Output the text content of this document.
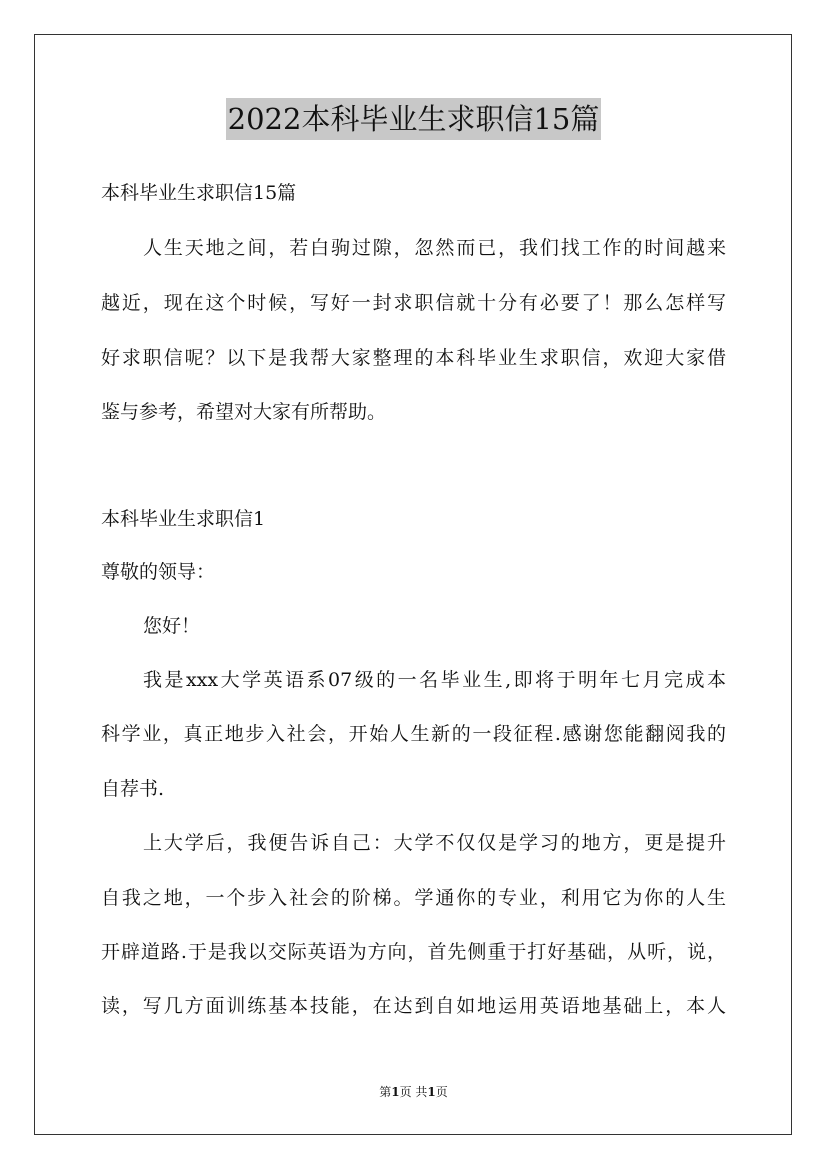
2022本科毕业生求职信15篇
本科毕业生求职信15篇
人生天地之间，若白驹过隙，忽然而已，我们找工作的时间越来
越近，现在这个时候，写好一封求职信就十分有必要了！那么怎样写
好求职信呢？以下是我帮大家整理的本科毕业生求职信，欢迎大家借
鉴与参考，希望对大家有所帮助。
本科毕业生求职信1
尊敬的领导：
您好！
我是xxx大学英语系07级的一名毕业生,即将于明年七月完成本
科学业，真正地步入社会，开始人生新的一段征程.感谢您能翻阅我的
自荐书.
上大学后，我便告诉自己：大学不仅仅是学习的地方，更是提升
自我之地，一个步入社会的阶梯。学通你的专业，利用它为你的人生
开辟道路.于是我以交际英语为方向，首先侧重于打好基础，从听，说，
读，写几方面训练基本技能，在达到自如地运用英语地基础上，本人
第1页 共1页
